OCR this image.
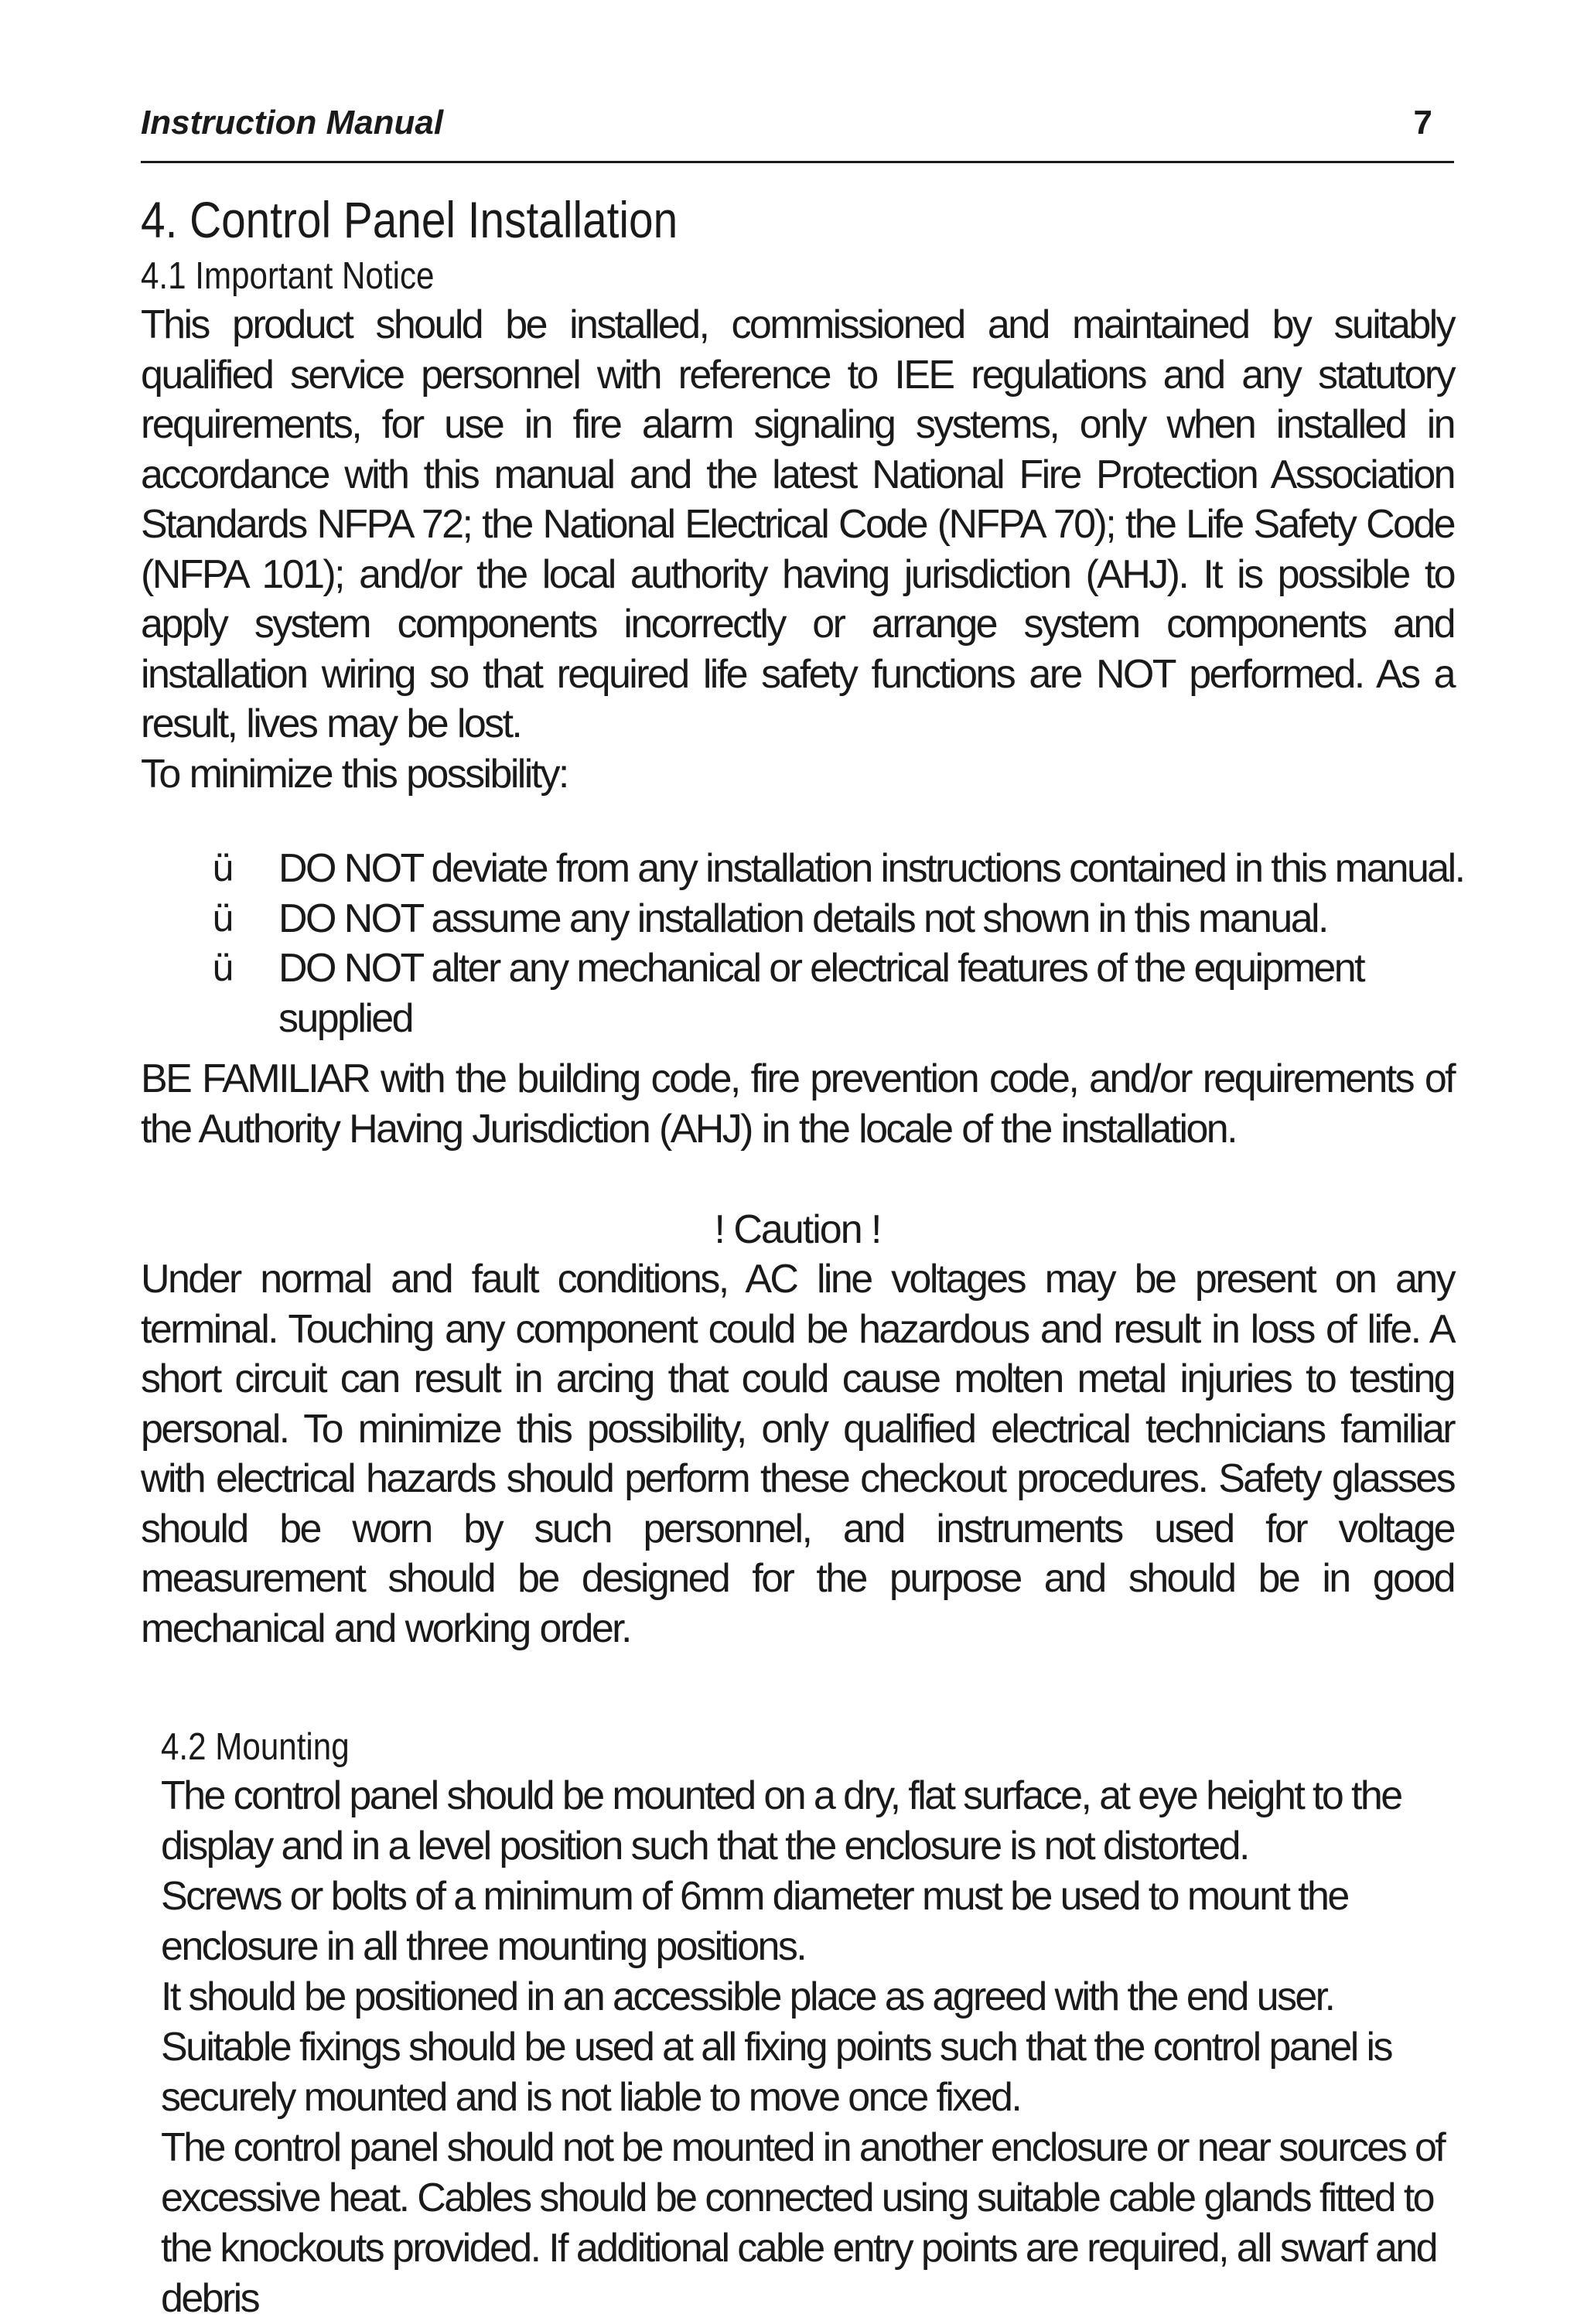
Instruction Manual	7
4. Control Panel Installation
4.1 Important Notice

This product should be installed, commissioned and maintained by suitably qualified service personnel with reference to IEE regulations and any statutory requirements, for use in fire alarm signaling systems, only when installed in accordance with this manual and the latest National Fire Protection Association Standards NFPA 72; the National Electrical Code (NFPA 70); the Life Safety Code (NFPA 101); and/or the local authority having jurisdiction (AHJ). It is possible to apply system components incorrectly or arrange system components and installation wiring so that required life safety functions are NOT performed. As a result, lives may be lost.

To minimize this possibility:

ü DO NOT deviate from any installation instructions contained in this manual.
ü DO NOT assume any installation details not shown in this manual.
ü DO NOT alter any mechanical or electrical features of the equipment supplied

BE FAMILIAR with the building code, fire prevention code, and/or requirements of the Authority Having Jurisdiction (AHJ) in the locale of the installation.

! Caution !

Under normal and fault conditions, AC line voltages may be present on any terminal. Touching any component could be hazardous and result in loss of life. A short circuit can result in arcing that could cause molten metal injuries to testing personal. To minimize this possibility, only qualified electrical technicians familiar with electrical hazards should perform these checkout procedures. Safety glasses should be worn by such personnel, and instruments used for voltage measurement should be designed for the purpose and should be in good mechanical and working order.

4.2 Mounting

The control panel should be mounted on a dry, flat surface, at eye height to the display and in a level position such that the enclosure is not distorted.

Screws or bolts of a minimum of 6mm diameter must be used to mount the enclosure in all three mounting positions.

It should be positioned in an accessible place as agreed with the end user.

Suitable fixings should be used at all fixing points such that the control panel is securely mounted and is not liable to move once fixed.

The control panel should not be mounted in another enclosure or near sources of excessive heat. Cables should be connected using suitable cable glands fitted to the knockouts provided. If additional cable entry points are required, all swarf and debris
